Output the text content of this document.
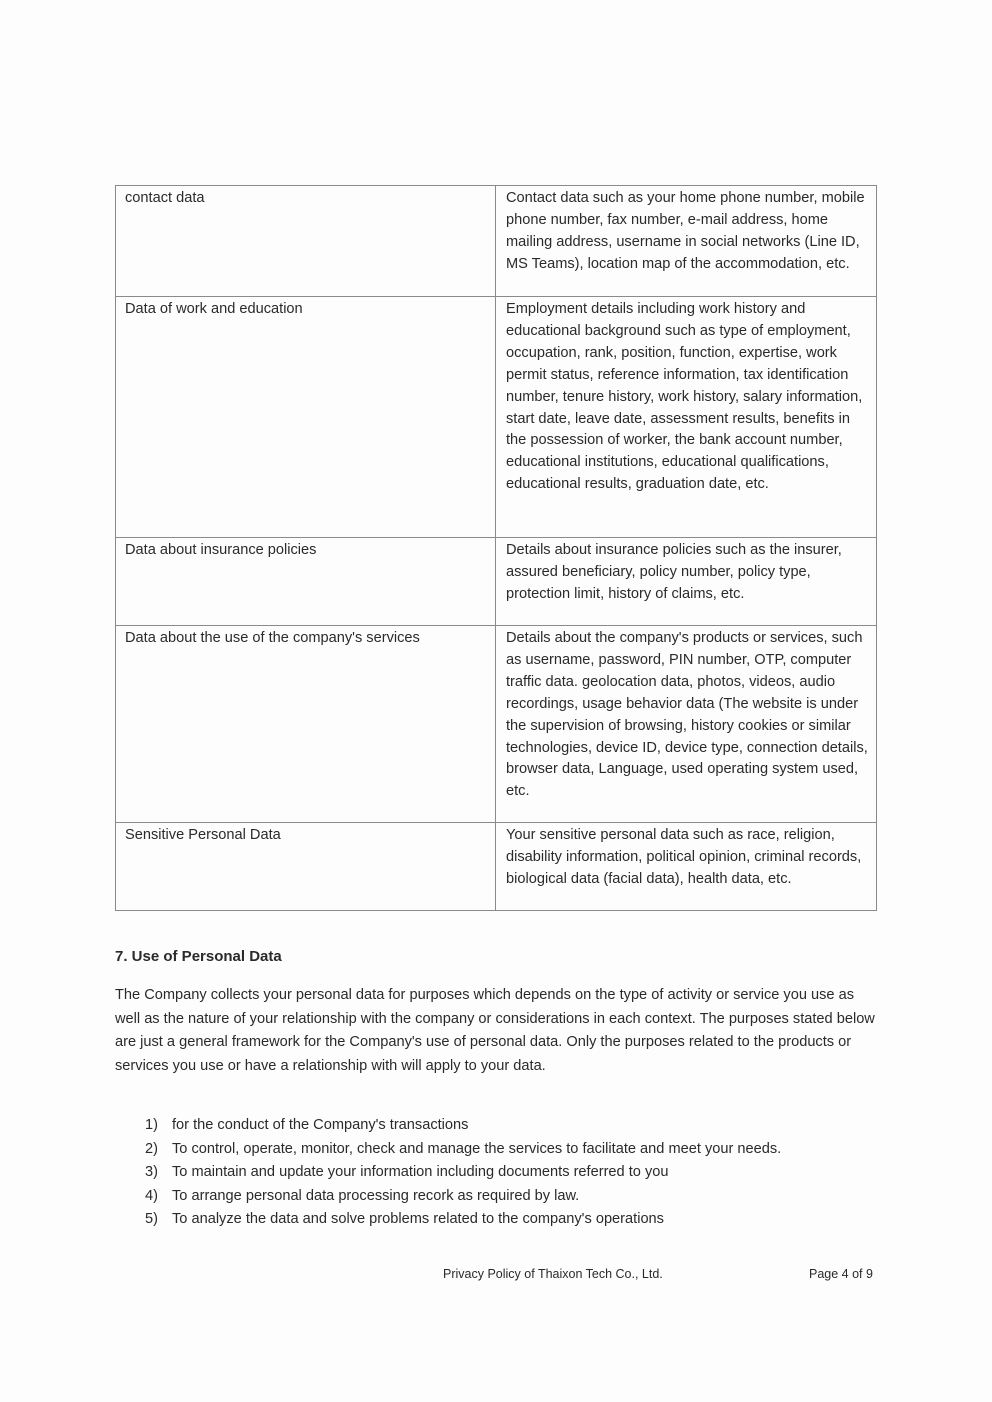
contact data	Contact data such as your home phone number, mobile phone number, fax number, e-mail address, home mailing address, username in social networks (Line ID, MS Teams), location map of the accommodation, etc.
Data of work and education	Employment details including work history and educational background such as type of employment, occupation, rank, position, function, expertise, work permit status, reference information, tax identification number, tenure history, work history, salary information, start date, leave date, assessment results, benefits in the possession of worker, the bank account number, educational institutions, educational qualifications, educational results, graduation date, etc.
Data about insurance policies	Details about insurance policies such as the insurer, assured beneficiary, policy number, policy type, protection limit, history of claims, etc.
Data about the use of the company's services	Details about the company's products or services, such as username, password, PIN number, OTP, computer traffic data. geolocation data, photos, videos, audio recordings, usage behavior data (The website is under the supervision of browsing, history cookies or similar technologies, device ID, device type, connection details, browser data, Language, used operating system used, etc.
Sensitive Personal Data	Your sensitive personal data such as race, religion, disability information, political opinion, criminal records, biological data (facial data), health data, etc.
7. Use of Personal Data

The Company collects your personal data for purposes which depends on the type of activity or service you use as well as the nature of your relationship with the company or considerations in each context. The purposes stated below are just a general framework for the Company's use of personal data. Only the purposes related to the products or services you use or have a relationship with will apply to your data.

1) for the conduct of the Company's transactions
2) To control, operate, monitor, check and manage the services to facilitate and meet your needs.
3) To maintain and update your information including documents referred to you
4) To arrange personal data processing recork as required by law.
5) To analyze the data and solve problems related to the company's operations
Privacy Policy of Thaixon Tech Co., Ltd.	Page 4 of 9
